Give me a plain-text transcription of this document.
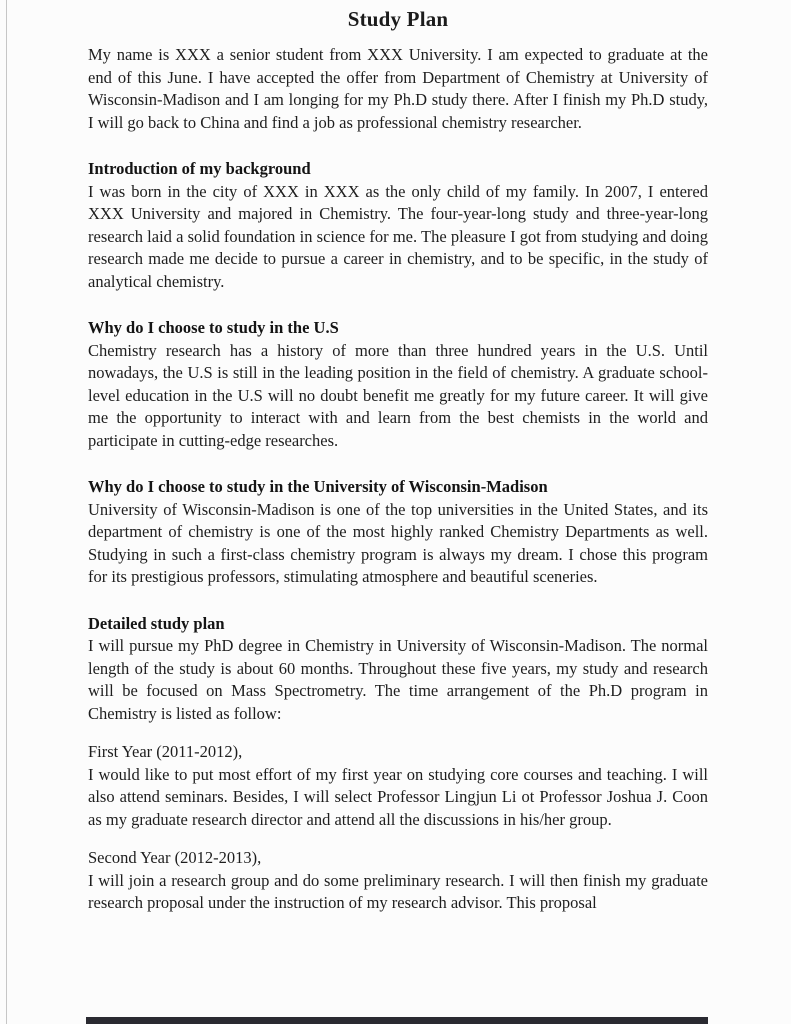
Study Plan

My name is XXX a senior student from XXX University. I am expected to graduate at the end of this June. I have accepted the offer from Department of Chemistry at University of Wisconsin-Madison and I am longing for my Ph.D study there. After I finish my Ph.D study, I will go back to China and find a job as professional chemistry researcher.

Introduction of my background

I was born in the city of XXX in XXX as the only child of my family. In 2007, I entered XXX University and majored in Chemistry. The four-year-long study and three-year-long research laid a solid foundation in science for me. The pleasure I got from studying and doing research made me decide to pursue a career in chemistry, and to be specific, in the study of analytical chemistry.

Why do I choose to study in the U.S

Chemistry research has a history of more than three hundred years in the U.S. Until nowadays, the U.S is still in the leading position in the field of chemistry. A graduate school-level education in the U.S will no doubt benefit me greatly for my future career. It will give me the opportunity to interact with and learn from the best chemists in the world and participate in cutting-edge researches.

Why do I choose to study in the University of Wisconsin-Madison

University of Wisconsin-Madison is one of the top universities in the United States, and its department of chemistry is one of the most highly ranked Chemistry Departments as well. Studying in such a first-class chemistry program is always my dream. I chose this program for its prestigious professors, stimulating atmosphere and beautiful sceneries.

Detailed study plan

I will pursue my PhD degree in Chemistry in University of Wisconsin-Madison. The normal length of the study is about 60 months. Throughout these five years, my study and research will be focused on Mass Spectrometry. The time arrangement of the Ph.D program in Chemistry is listed as follow:

First Year (2011-2012),

I would like to put most effort of my first year on studying core courses and teaching. I will also attend seminars. Besides, I will select Professor Lingjun Li ot Professor Joshua J. Coon as my graduate research director and attend all the discussions in his/her group.

Second Year (2012-2013),

I will join a research group and do some preliminary research. I will then finish my graduate research proposal under the instruction of my research advisor. This proposal
